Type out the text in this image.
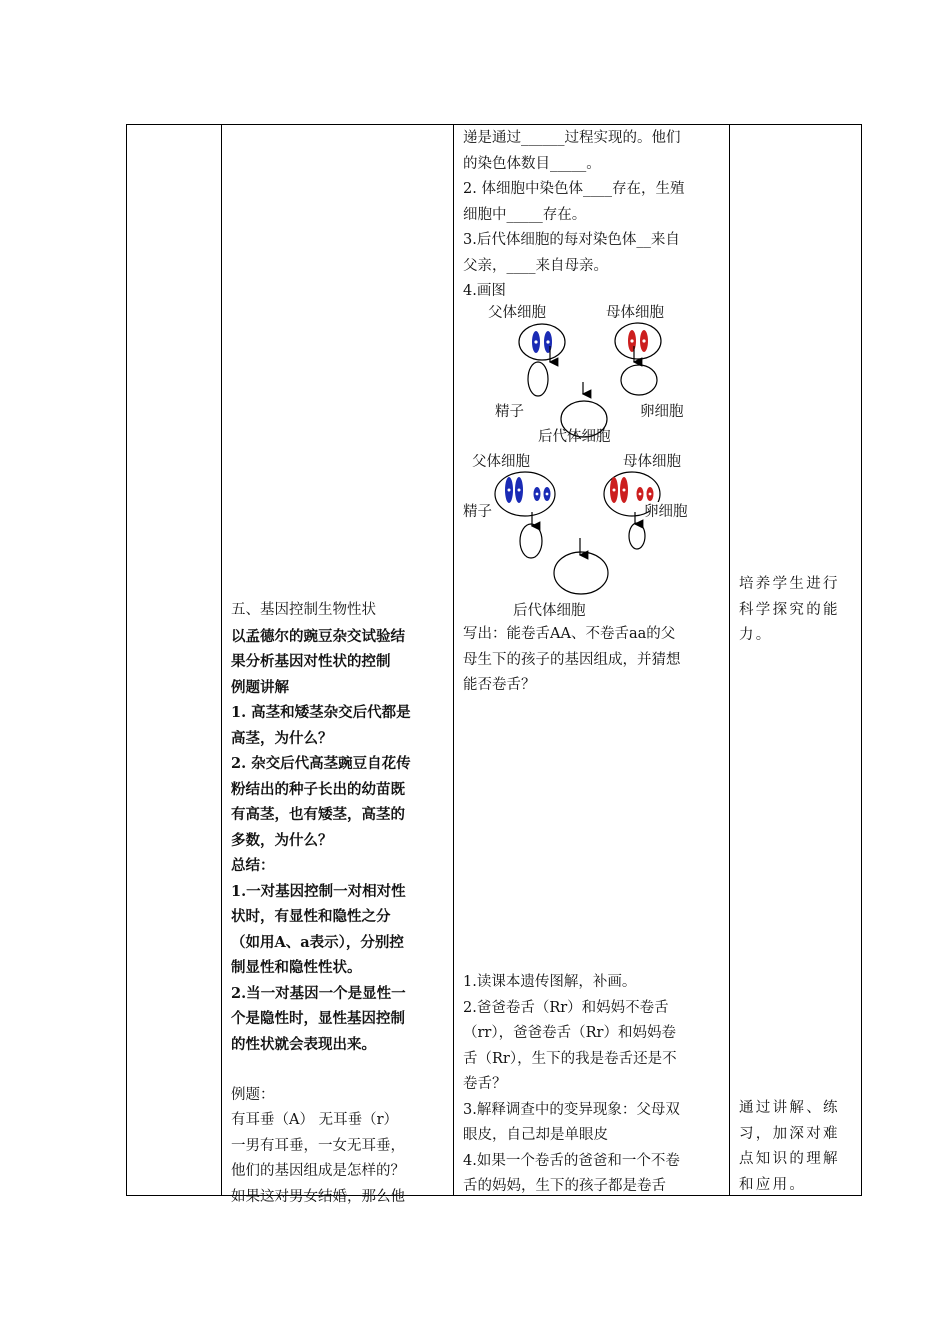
递是通过______过程实现的。他们

的染色体数目_____。

2. 体细胞中染色体____存在，生殖

细胞中_____存在。

3.后代体细胞的每对染色体__来自

父亲，____来自母亲。

4.画图

父体细胞	母体细胞
精子	卵细胞
后代体细胞
父体细胞	母体细胞
精子	卵细胞
后代体细胞

写出：能卷舌AA、不卷舌aa的父

母生下的孩子的基因组成，并猜想

能否卷舌？

1.读课本遗传图解，补画。

2.爸爸卷舌（Rr）和妈妈不卷舌

（rr），爸爸卷舌（Rr）和妈妈卷

舌（Rr），生下的我是卷舌还是不

卷舌？

3.解释调查中的变异现象：父母双

眼皮，自己却是单眼皮

4.如果一个卷舌的爸爸和一个不卷

舌的妈妈，生下的孩子都是卷舌

五、基因控制生物性状

以孟德尔的豌豆杂交试验结

果分析基因对性状的控制

例题讲解

1. 高茎和矮茎杂交后代都是

高茎，为什么？

2. 杂交后代高茎豌豆自花传

粉结出的种子长出的幼苗既

有高茎，也有矮茎，高茎的

多数，为什么？

总结：

1.一对基因控制一对相对性

状时，有显性和隐性之分

（如用A、a表示），分别控

制显性和隐性性状。

2.当一对基因一个是显性一

个是隐性时，显性基因控制

的性状就会表现出来。

例题：

有耳垂（A） 无耳垂（r）

一男有耳垂，一女无耳垂，

他们的基因组成是怎样的？

如果这对男女结婚，那么他

培养学生进行

科学探究的能

力。

通过讲解、练

习，加深对难

点知识的理解

和应用。
